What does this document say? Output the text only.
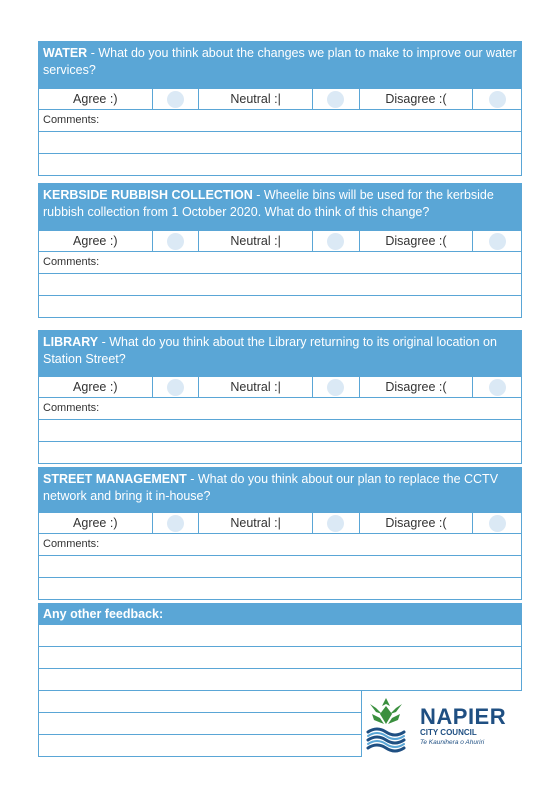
WATER - What do you think about the changes we plan to make to improve our water services?
Agree :)	Neutral :|	Disagree :(
Comments:
KERBSIDE RUBBISH COLLECTION - Wheelie bins will be used for the kerbside rubbish collection from 1 October 2020. What do think of this change?
Agree :)	Neutral :|	Disagree :(
Comments:
LIBRARY - What do you think about the Library returning to its original location on Station Street?
Agree :)	Neutral :|	Disagree :(
Comments:
STREET MANAGEMENT - What do you think about our plan to replace the CCTV network and bring it in-house?
Agree :)	Neutral :|	Disagree :(
Comments:
Any other feedback:
NAPIER
CITY COUNCIL
Te Kaunihera o Ahuriri
